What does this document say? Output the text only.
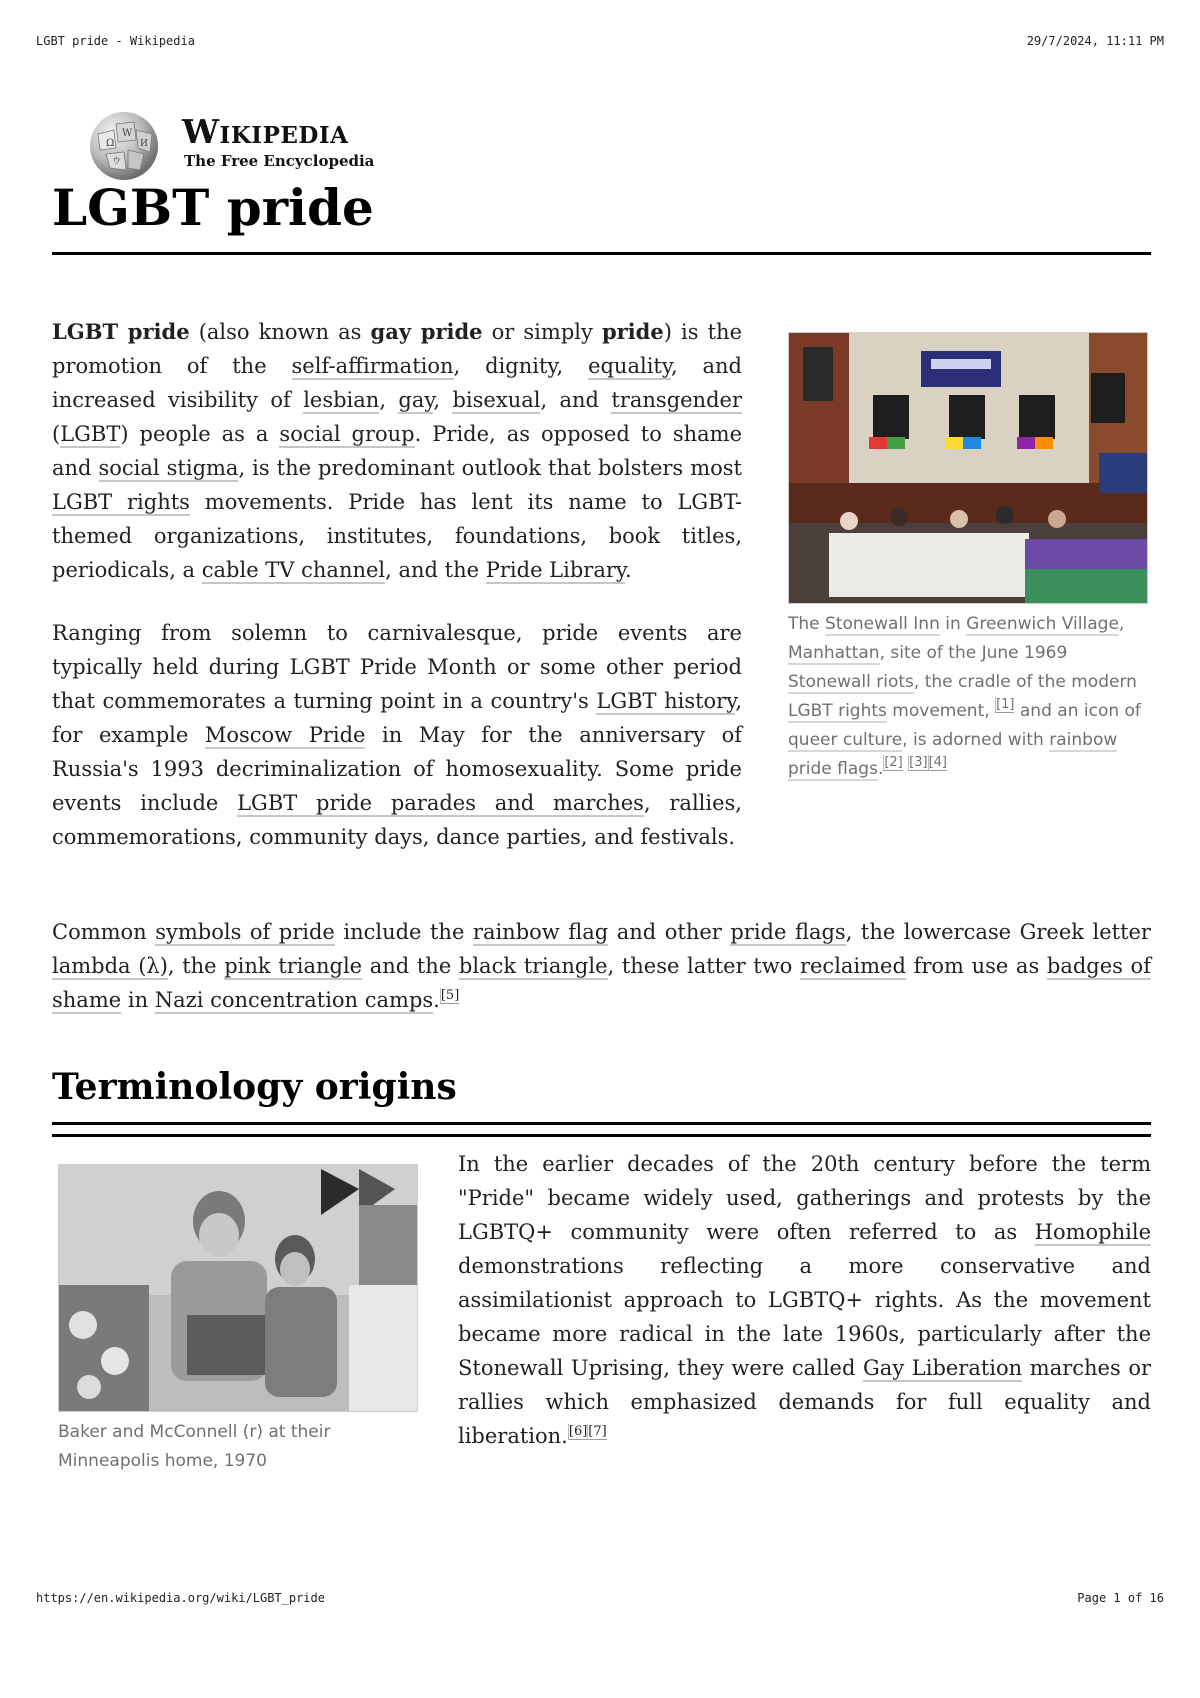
LGBT pride - Wikipedia	29/7/2024, 11:11 PM
Ω
W
И
ウ
Wikipedia
The Free Encyclopedia
LGBT pride
The Stonewall Inn in Greenwich Village, Manhattan, site of the June 1969 Stonewall riots, the cradle of the modern LGBT rights movement, [1] and an icon of queer culture, is adorned with rainbow pride flags.[2] [3][4]

LGBT pride (also known as gay pride or simply pride) is the promotion of the self-affirmation, dignity, equality, and increased visibility of lesbian, gay, bisexual, and transgender (LGBT) people as a social group. Pride, as opposed to shame and social stigma, is the predominant outlook that bolsters most LGBT rights movements. Pride has lent its name to LGBT-themed organizations, institutes, foundations, book titles, periodicals, a cable TV channel, and the Pride Library.

Ranging from solemn to carnivalesque, pride events are typically held during LGBT Pride Month or some other period that commemorates a turning point in a country's LGBT history, for example Moscow Pride in May for the anniversary of Russia's 1993 decriminalization of homosexuality. Some pride events include LGBT pride parades and marches, rallies, commemorations, community days, dance parties, and festivals.

Common symbols of pride include the rainbow flag and other pride flags, the lowercase Greek letter lambda (λ), the pink triangle and the black triangle, these latter two reclaimed from use as badges of shame in Nazi concentration camps.[5]

Terminology origins
Baker and McConnell (r) at their Minneapolis home, 1970

In the earlier decades of the 20th century before the term "Pride" became widely used, gatherings and protests by the LGBTQ+ community were often referred to as Homophile demonstrations reflecting a more conservative and assimilationist approach to LGBTQ+ rights. As the movement became more radical in the late 1960s, particularly after the Stonewall Uprising, they were called Gay Liberation marches or rallies which emphasized demands for full equality and liberation.[6][7]

https://en.wikipedia.org/wiki/LGBT_pride	Page 1 of 16
